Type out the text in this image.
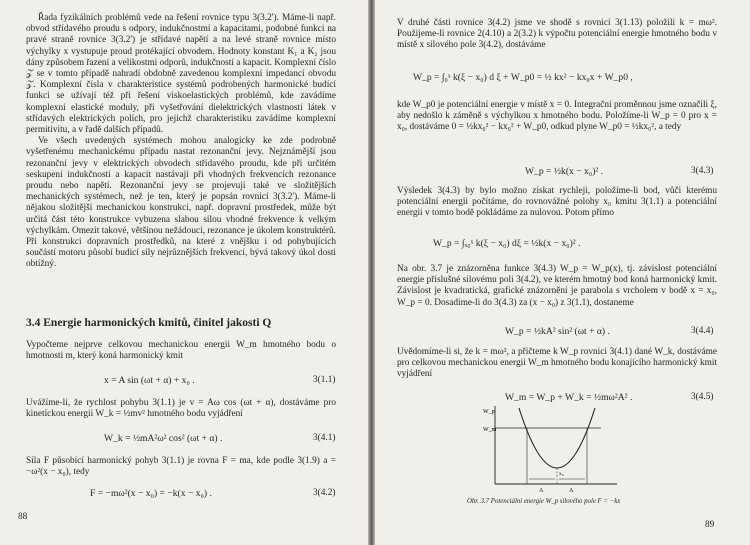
Řada fyzikálních problémů vede na řešení rovnice typu 3(3.2'). Máme-li např. obvod střídavého proudu s odpory, indukčnostmi a kapacitami, podobné funkci na pravé straně rovnice 3(3.2') je střídavé napětí a na levé straně rovnice místo výchylky x vystupuje proud protékající obvodem. Hodnoty konstant K₁ a K₂ jsou dány způsobem řazení a velikostmi odporů, indukčností a kapacit. Komplexní číslo 𝒵 se v tomto případě nahradí obdobně zavedenou komplexní impedancí obvodu 𝒵. Komplexní čísla v charakteristice systémů podrobených harmonické budící funkci se užívají též při řešení viskoelastických problémů, kde zavádíme komplexní elastické moduly, při vyšetřování dielektrických vlastností látek v střídavých elektrických polích, pro jejichž charakteristiku zavádíme komplexní permitivitu, a v řadě dalších případů.

Ve všech uvedených systémech mohou analogicky ke zde podrobně vyšetřenému mechanickému případu nastat rezonanční jevy. Nejznámější jsou rezonanční jevy v elektrických obvodech střídavého proudu, kde při určitém seskupení indukčností a kapacit nastávají při vhodných frekvencích rezonance proudu nebo napětí. Rezonanční jevy se projevují také ve složitějších mechanických systémech, než je ten, který je popsán rovnicí 3(3.2'). Máme-li nějakou složitější mechanickou konstrukci, např. dopravní prostředek, může být určitá část této konstrukce vybuzena slabou silou vhodné frekvence k velkým výchylkám. Omezit takové, většinou nežádoucí, rezonance je úkolem konstruktérů. Při konstrukci dopravních prostředků, na které z vnějšku i od pohybujících součástí motoru působí budicí síly nejrůznějších frekvencí, bývá takový úkol dosti obtížný.

3.4 Energie harmonických kmitů, činitel jakosti Q

Vypočteme nejprve celkovou mechanickou energii W_m hmotného bodu o hmotnosti m, který koná harmonický kmit

x = A sin (ωt + α) + x₀ .	3(1.1)

Uvážíme-li, že rychlost pohybu 3(1.1) je v = Aω cos (ωt + α), dostáváme pro kinetickou energii W_k = ½mv² hmotného bodu vyjádření

W_k = ½mA²ω² cos² (ωt + α) .	3(4.1)

Síla F působící harmonický pohyb 3(1.1) je rovna F = ma, kde podle 3(1.9) a = −ω²(x − x₀), tedy

F = −mω²(x − x₀) = −k(x − x₀) .	3(4.2)
88

V druhé části rovnice 3(4.2) jsme ve shodě s rovnicí 3(1.13) položili k = mω². Použijeme-li rovnice 2(4.10) a 2(3.2) k výpočtu potenciální energie hmotného bodu v místě x silového pole 3(4.2), dostáváme

W_p = ∫₀ˣ k(ξ − x₀) d ξ + W_p0 = ½ kx² − kx₀x + W_p0 ,

kde W_p0 je potenciální energie v místě x = 0. Integrační proměnnou jsme označili ξ, aby nedošlo k záměně s výchylkou x hmotného bodu. Položíme-li W_p = 0 pro x = x₀, dostáváme 0 = ½kx₀² − kx₀² + W_p0, odkud plyne W_p0 = ½kx₀², a tedy

W_p = ½k(x − x₀)² .	3(4.3)

Výsledek 3(4.3) by bylo možno získat rychleji, položíme-li bod, vůči kterému potenciální energii počítáme, do rovnovážné polohy x₀ kmitu 3(1.1) a potenciální energii v tomto bodě pokládáme za nulovou. Potom přímo

W_p = ∫ₓ₀ˣ k(ξ − x₀) dξ = ½k(x − x₀)² .

Na obr. 3.7 je znázorněna funkce 3(4.3) W_p = W_p(x), tj. závislost potenciální energie příslušné silovému poli 3(4.2), ve kterém hmotný bod koná harmonický kmit. Závislost je kvadratická, grafické znázornění je parabola s vrcholem v bodě x = x₀, W_p = 0. Dosadíme-li do 3(4.3) za (x − x₀) z 3(1.1), dostaneme

W_p = ½kA² sin² (ωt + α) .	3(4.4)

Uvědomíme-li si, že k = mω², a přičteme k W_p rovnici 3(4.1) dané W_k, dostáváme pro celkovou mechanickou energii W_m hmotného bodu konajícího harmonický kmit vyjádření

W_m = W_p + W_k = ½mω²A² .	3(4.5)
W_p
W_m
x₀
A	A
Obr. 3.7 Potenciální energie W_p silového pole F = −kx
89
